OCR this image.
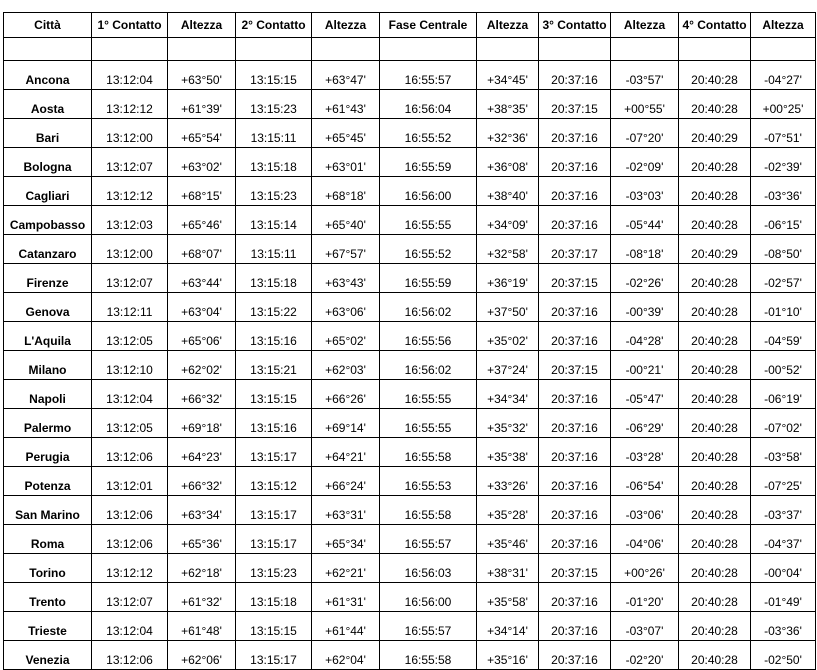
Città	1° Contatto	Altezza	2° Contatto	Altezza	Fase Centrale	Altezza	3° Contatto	Altezza	4° Contatto	Altezza

Ancona	13:12:04	+63°50'	13:15:15	+63°47'	16:55:57	+34°45'	20:37:16	-03°57'	20:40:28	-04°27'
Aosta	13:12:12	+61°39'	13:15:23	+61°43'	16:56:04	+38°35'	20:37:15	+00°55'	20:40:28	+00°25'
Bari	13:12:00	+65°54'	13:15:11	+65°45'	16:55:52	+32°36'	20:37:16	-07°20'	20:40:29	-07°51'
Bologna	13:12:07	+63°02'	13:15:18	+63°01'	16:55:59	+36°08'	20:37:16	-02°09'	20:40:28	-02°39'
Cagliari	13:12:12	+68°15'	13:15:23	+68°18'	16:56:00	+38°40'	20:37:16	-03°03'	20:40:28	-03°36'
Campobasso	13:12:03	+65°46'	13:15:14	+65°40'	16:55:55	+34°09'	20:37:16	-05°44'	20:40:28	-06°15'
Catanzaro	13:12:00	+68°07'	13:15:11	+67°57'	16:55:52	+32°58'	20:37:17	-08°18'	20:40:29	-08°50'
Firenze	13:12:07	+63°44'	13:15:18	+63°43'	16:55:59	+36°19'	20:37:15	-02°26'	20:40:28	-02°57'
Genova	13:12:11	+63°04'	13:15:22	+63°06'	16:56:02	+37°50'	20:37:16	-00°39'	20:40:28	-01°10'
L'Aquila	13:12:05	+65°06'	13:15:16	+65°02'	16:55:56	+35°02'	20:37:16	-04°28'	20:40:28	-04°59'
Milano	13:12:10	+62°02'	13:15:21	+62°03'	16:56:02	+37°24'	20:37:15	-00°21'	20:40:28	-00°52'
Napoli	13:12:04	+66°32'	13:15:15	+66°26'	16:55:55	+34°34'	20:37:16	-05°47'	20:40:28	-06°19'
Palermo	13:12:05	+69°18'	13:15:16	+69°14'	16:55:55	+35°32'	20:37:16	-06°29'	20:40:28	-07°02'
Perugia	13:12:06	+64°23'	13:15:17	+64°21'	16:55:58	+35°38'	20:37:16	-03°28'	20:40:28	-03°58'
Potenza	13:12:01	+66°32'	13:15:12	+66°24'	16:55:53	+33°26'	20:37:16	-06°54'	20:40:28	-07°25'
San Marino	13:12:06	+63°34'	13:15:17	+63°31'	16:55:58	+35°28'	20:37:16	-03°06'	20:40:28	-03°37'
Roma	13:12:06	+65°36'	13:15:17	+65°34'	16:55:57	+35°46'	20:37:16	-04°06'	20:40:28	-04°37'
Torino	13:12:12	+62°18'	13:15:23	+62°21'	16:56:03	+38°31'	20:37:15	+00°26'	20:40:28	-00°04'
Trento	13:12:07	+61°32'	13:15:18	+61°31'	16:56:00	+35°58'	20:37:16	-01°20'	20:40:28	-01°49'
Trieste	13:12:04	+61°48'	13:15:15	+61°44'	16:55:57	+34°14'	20:37:16	-03°07'	20:40:28	-03°36'
Venezia	13:12:06	+62°06'	13:15:17	+62°04'	16:55:58	+35°16'	20:37:16	-02°20'	20:40:28	-02°50'
